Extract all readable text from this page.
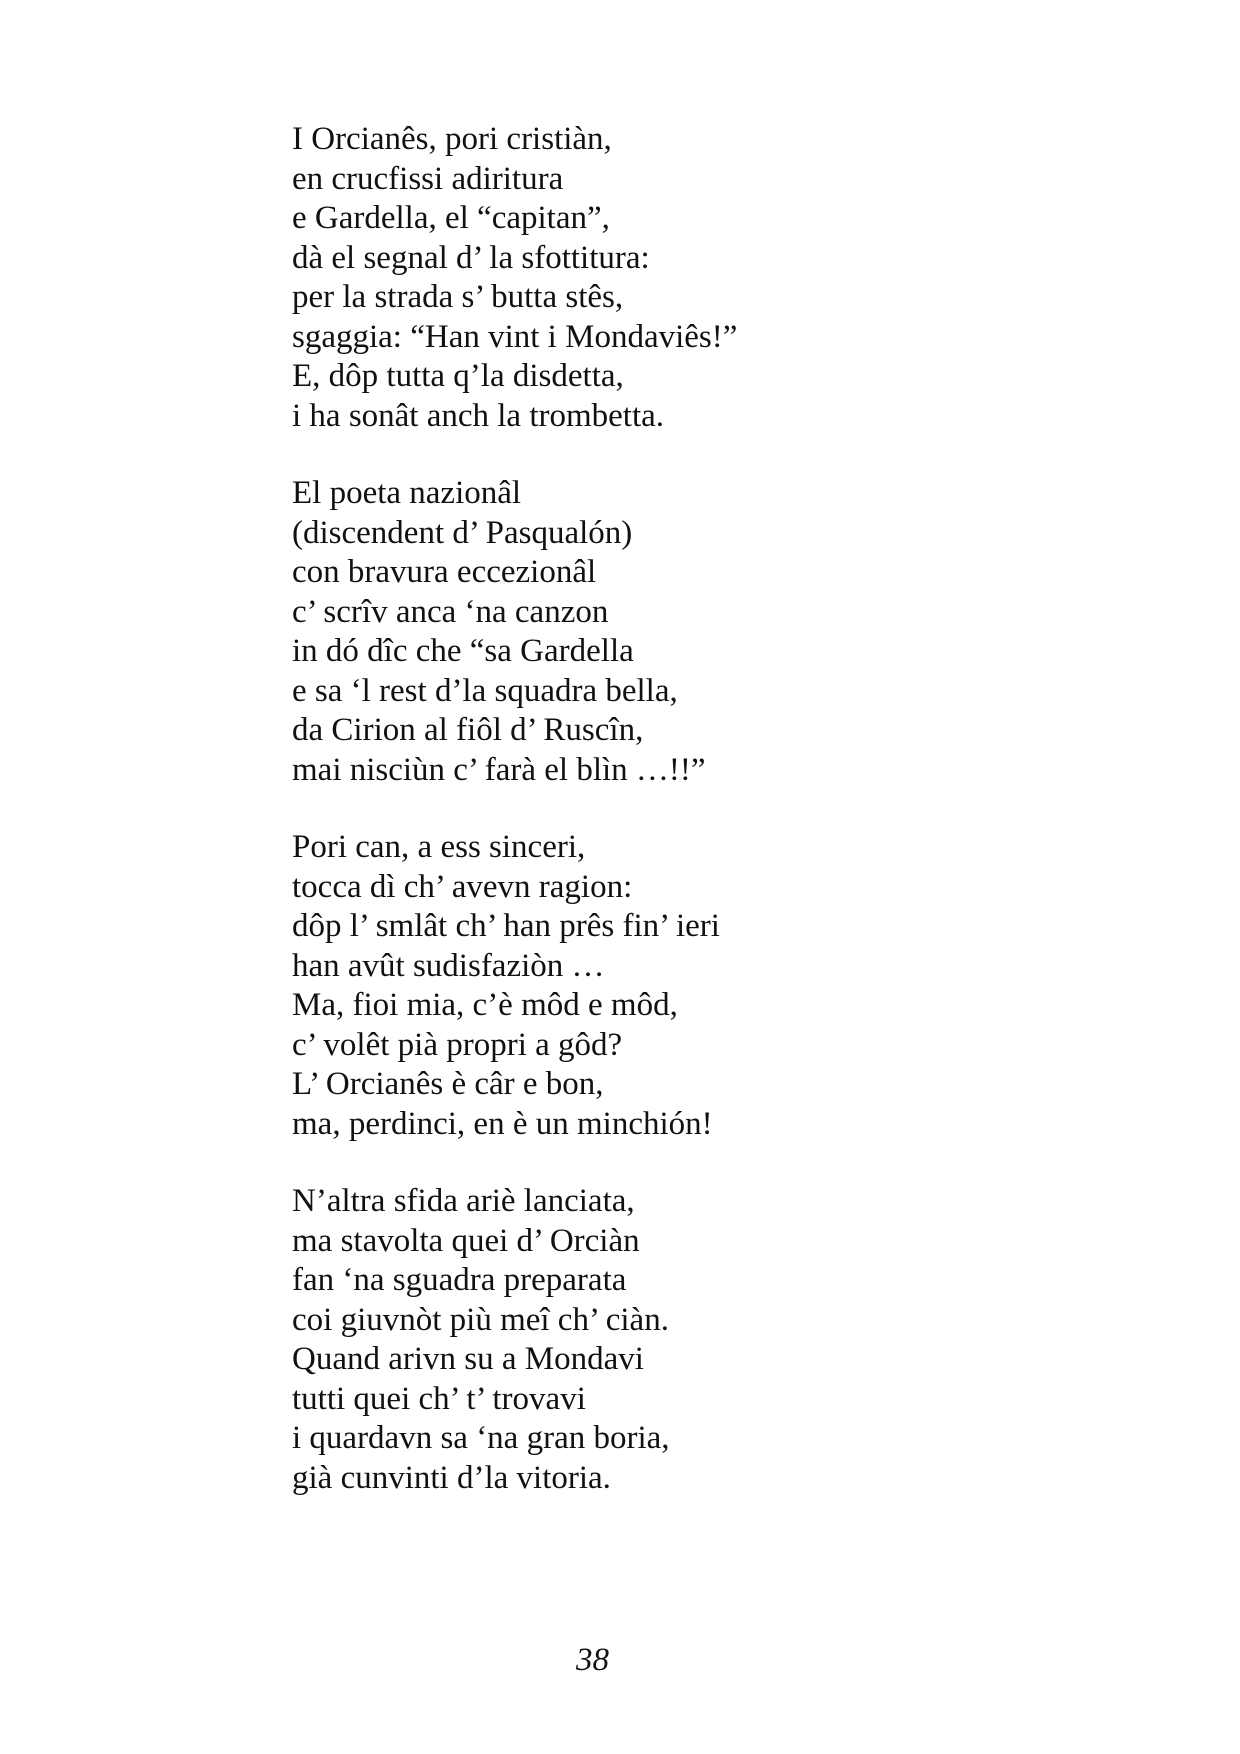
I Orcianês, pori cristiàn,
en crucfissi adiritura
e Gardella, el “capitan”,
dà el segnal d’ la sfottitura:
per la strada s’ butta stês,
sgaggia: “Han vint i Mondaviês!”
E, dôp tutta q’la disdetta,
i ha sonât anch la trombetta.
El poeta nazionâl
(discendent d’ Pasqualón)
con bravura eccezionâl
c’ scrîv anca ‘na canzon
in dó dîc che “sa Gardella
e sa ‘l rest d’la squadra bella,
da Cirion al fiôl d’ Ruscîn,
mai nisciùn c’ farà el blìn …!!”
Pori can, a ess sinceri,
tocca dì ch’ avevn ragion:
dôp l’ smlât ch’ han prês fin’ ieri
han avût sudisfaziòn …
Ma, fioi mia, c’è môd e môd,
c’ volêt pià propri a gôd?
L’ Orcianês è câr e bon,
ma, perdinci, en è un minchión!
N’altra sfida ariè lanciata,
ma stavolta quei d’ Orciàn
fan ‘na sguadra preparata
coi giuvnòt più meî ch’ ciàn.
Quand arivn su a Mondavi
tutti quei ch’ t’ trovavi
i quardavn sa ‘na gran boria,
già cunvinti d’la vitoria.
38
